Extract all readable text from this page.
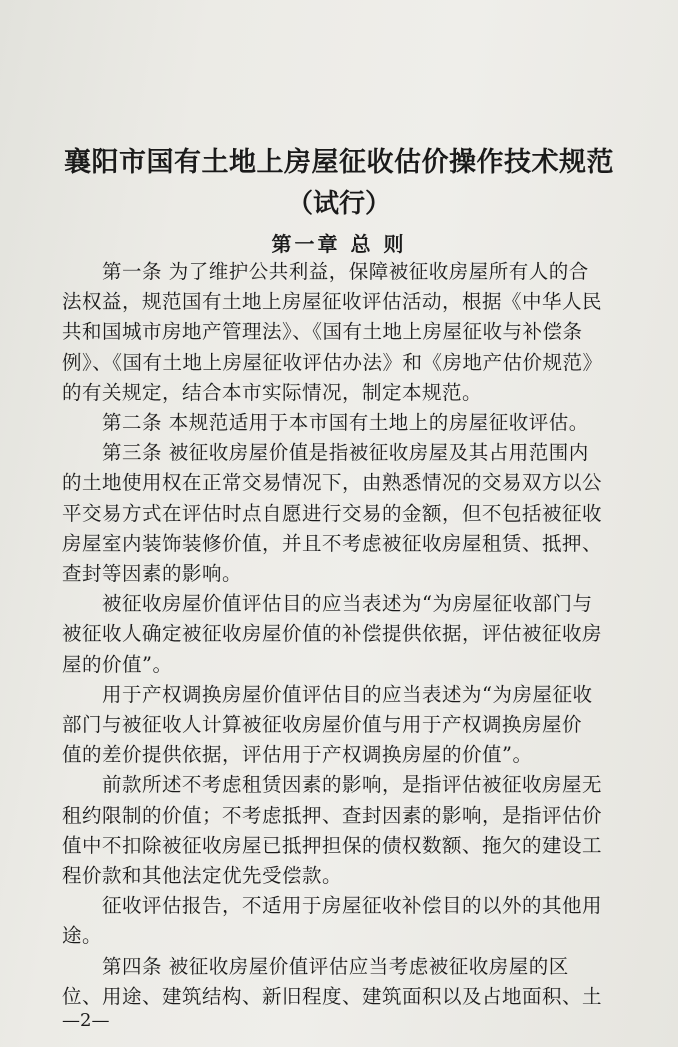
襄阳市国有土地上房屋征收估价操作技术规范
（试行）
第一章 总 则
第一条 为了维护公共利益，保障被征收房屋所有人的合
法权益，规范国有土地上房屋征收评估活动，根据《中华人民
共和国城市房地产管理法》、《国有土地上房屋征收与补偿条
例》、《国有土地上房屋征收评估办法》和《房地产估价规范》
的有关规定，结合本市实际情况，制定本规范。
第二条 本规范适用于本市国有土地上的房屋征收评估。
第三条 被征收房屋价值是指被征收房屋及其占用范围内
的土地使用权在正常交易情况下，由熟悉情况的交易双方以公
平交易方式在评估时点自愿进行交易的金额，但不包括被征收
房屋室内装饰装修价值，并且不考虑被征收房屋租赁、抵押、
查封等因素的影响。
被征收房屋价值评估目的应当表述为“为房屋征收部门与
被征收人确定被征收房屋价值的补偿提供依据，评估被征收房
屋的价值”。
用于产权调换房屋价值评估目的应当表述为“为房屋征收
部门与被征收人计算被征收房屋价值与用于产权调换房屋价
值的差价提供依据，评估用于产权调换房屋的价值”。
前款所述不考虑租赁因素的影响，是指评估被征收房屋无
租约限制的价值；不考虑抵押、查封因素的影响，是指评估价
值中不扣除被征收房屋已抵押担保的债权数额、拖欠的建设工
程价款和其他法定优先受偿款。
征收评估报告，不适用于房屋征收补偿目的以外的其他用
途。
第四条 被征收房屋价值评估应当考虑被征收房屋的区
位、用途、建筑结构、新旧程度、建筑面积以及占地面积、土
—2—
